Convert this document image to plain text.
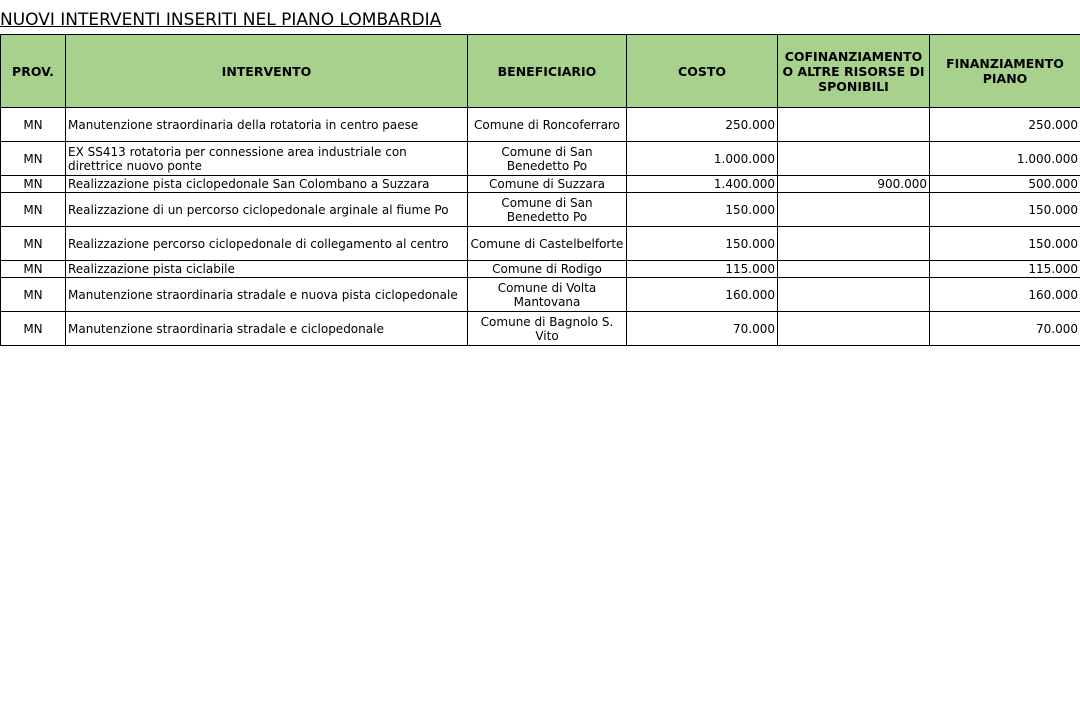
NUOVI INTERVENTI INSERITI NEL PIANO LOMBARDIA
PROV.	INTERVENTO	BENEFICIARIO	COSTO	COFINANZIAMENTO O ALTRE RISORSE DISPONIBILI	FINANZIAMENTO PIANO
MN	Manutenzione straordinaria della rotatoria in centro paese	Comune di Roncoferraro	250.000		250.000
MN	EX SS413 rotatoria per connessione area industriale con direttrice nuovo ponte	Comune di San Benedetto Po	1.000.000		1.000.000
MN	Realizzazione pista ciclopedonale San Colombano a Suzzara	Comune di Suzzara	1.400.000	900.000	500.000
MN	Realizzazione di un percorso ciclopedonale arginale al fiume Po	Comune di San Benedetto Po	150.000		150.000
MN	Realizzazione percorso ciclopedonale di collegamento al centro	Comune di Castelbelforte	150.000		150.000
MN	Realizzazione pista ciclabile	Comune di Rodigo	115.000		115.000
MN	Manutenzione straordinaria stradale e nuova pista ciclopedonale	Comune di Volta Mantovana	160.000		160.000
MN	Manutenzione straordinaria stradale e ciclopedonale	Comune di Bagnolo S. Vito	70.000		70.000
